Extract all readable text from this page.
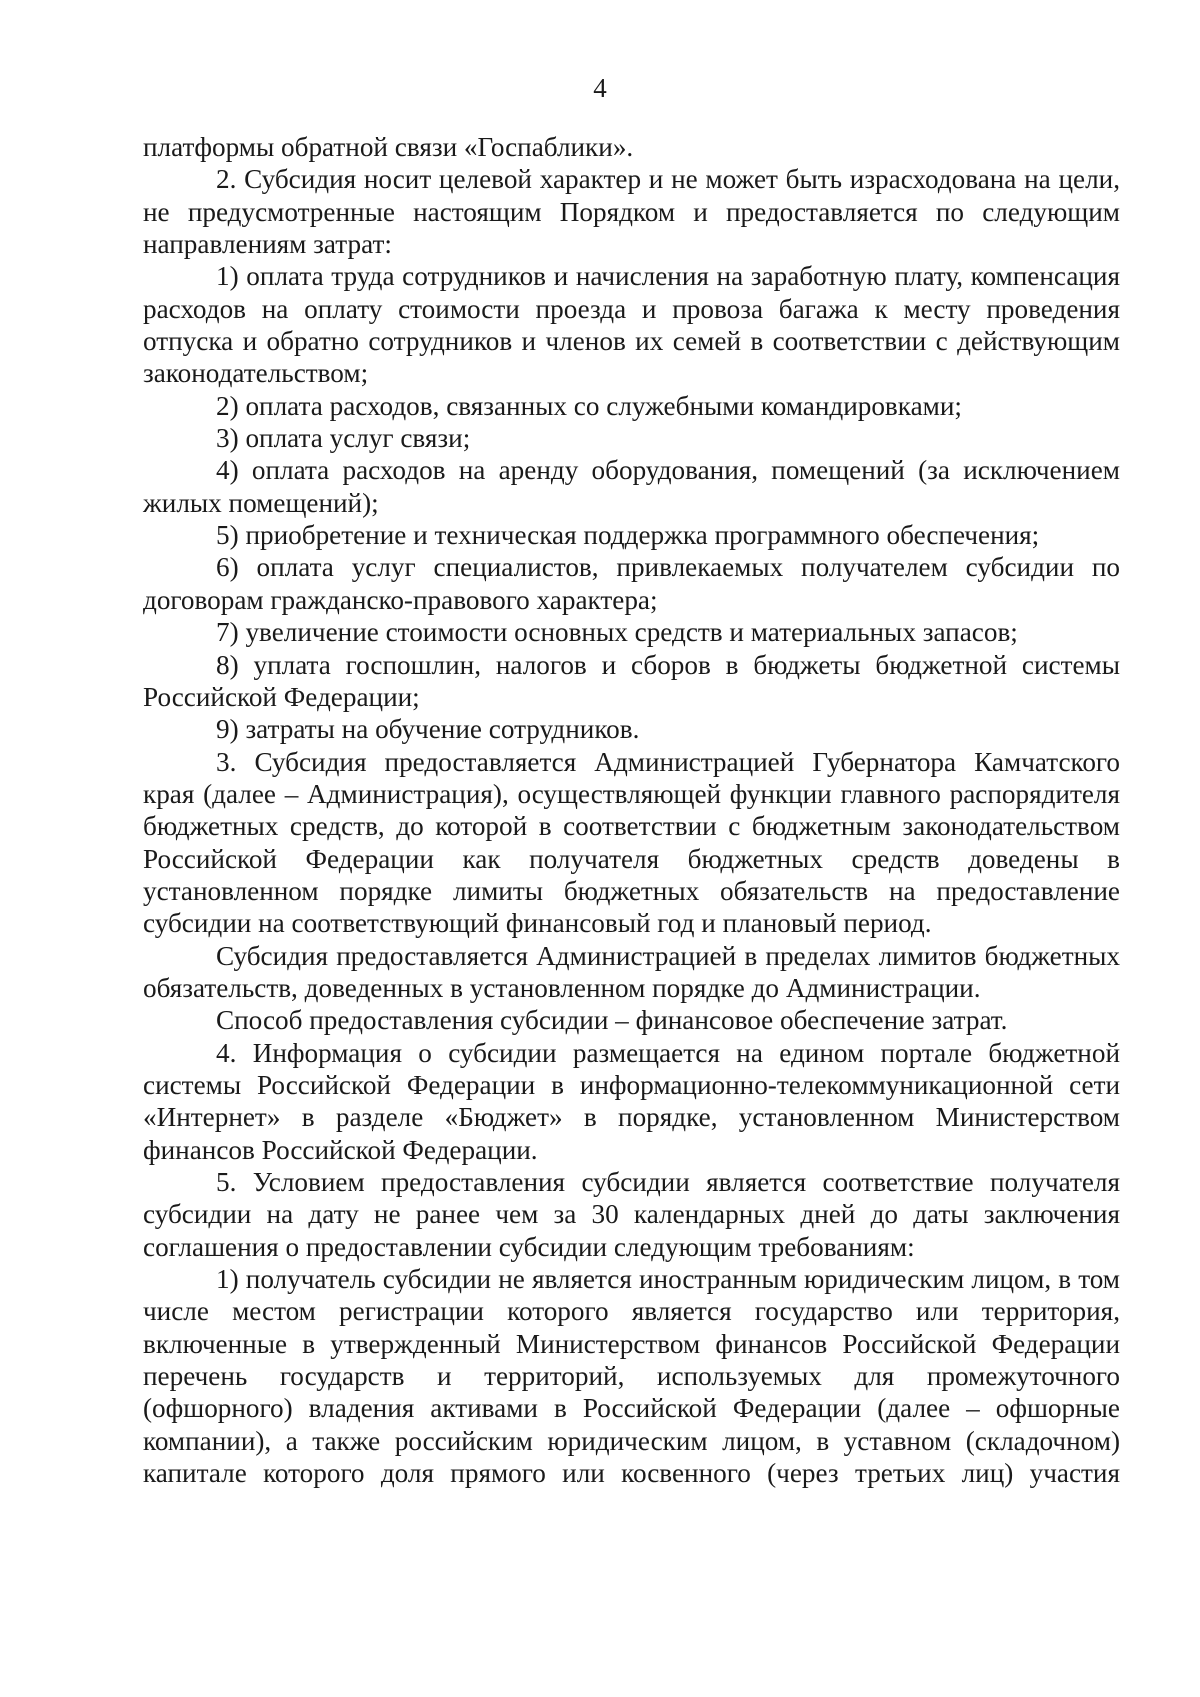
4

платформы обратной связи «Госпаблики».

2. Субсидия носит целевой характер и не может быть израсходована на цели, не предусмотренные настоящим Порядком и предоставляется по следующим направлениям затрат:

1) оплата труда сотрудников и начисления на заработную плату, компенсация расходов на оплату стоимости проезда и провоза багажа к месту проведения отпуска и обратно сотрудников и членов их семей в соответствии с действующим законодательством;

2) оплата расходов, связанных со служебными командировками;

3) оплата услуг связи;

4) оплата расходов на аренду оборудования, помещений (за исключением жилых помещений);

5) приобретение и техническая поддержка программного обеспечения;

6) оплата услуг специалистов, привлекаемых получателем субсидии по договорам гражданско-правового характера;

7) увеличение стоимости основных средств и материальных запасов;

8) уплата госпошлин, налогов и сборов в бюджеты бюджетной системы Российской Федерации;

9) затраты на обучение сотрудников.

3. Субсидия предоставляется Администрацией Губернатора Камчатского края (далее – Администрация), осуществляющей функции главного распорядителя бюджетных средств, до которой в соответствии с бюджетным законодательством Российской Федерации как получателя бюджетных средств доведены в установленном порядке лимиты бюджетных обязательств на предоставление субсидии на соответствующий финансовый год и плановый период.

Субсидия предоставляется Администрацией в пределах лимитов бюджетных обязательств, доведенных в установленном порядке до Администрации.

Способ предоставления субсидии – финансовое обеспечение затрат.

4. Информация о субсидии размещается на едином портале бюджетной системы Российской Федерации в информационно-телекоммуникационной сети «Интернет» в разделе «Бюджет» в порядке, установленном Министерством финансов Российской Федерации.

5. Условием предоставления субсидии является соответствие получателя субсидии на дату не ранее чем за 30 календарных дней до даты заключения соглашения о предоставлении субсидии следующим требованиям:

1) получатель субсидии не является иностранным юридическим лицом, в том числе местом регистрации которого является государство или территория, включенные в утвержденный Министерством финансов Российской Федерации перечень государств и территорий, используемых для промежуточного (офшорного) владения активами в Российской Федерации (далее – офшорные компании), а также российским юридическим лицом, в уставном (складочном) капитале которого доля прямого или косвенного (через третьих лиц) участия
